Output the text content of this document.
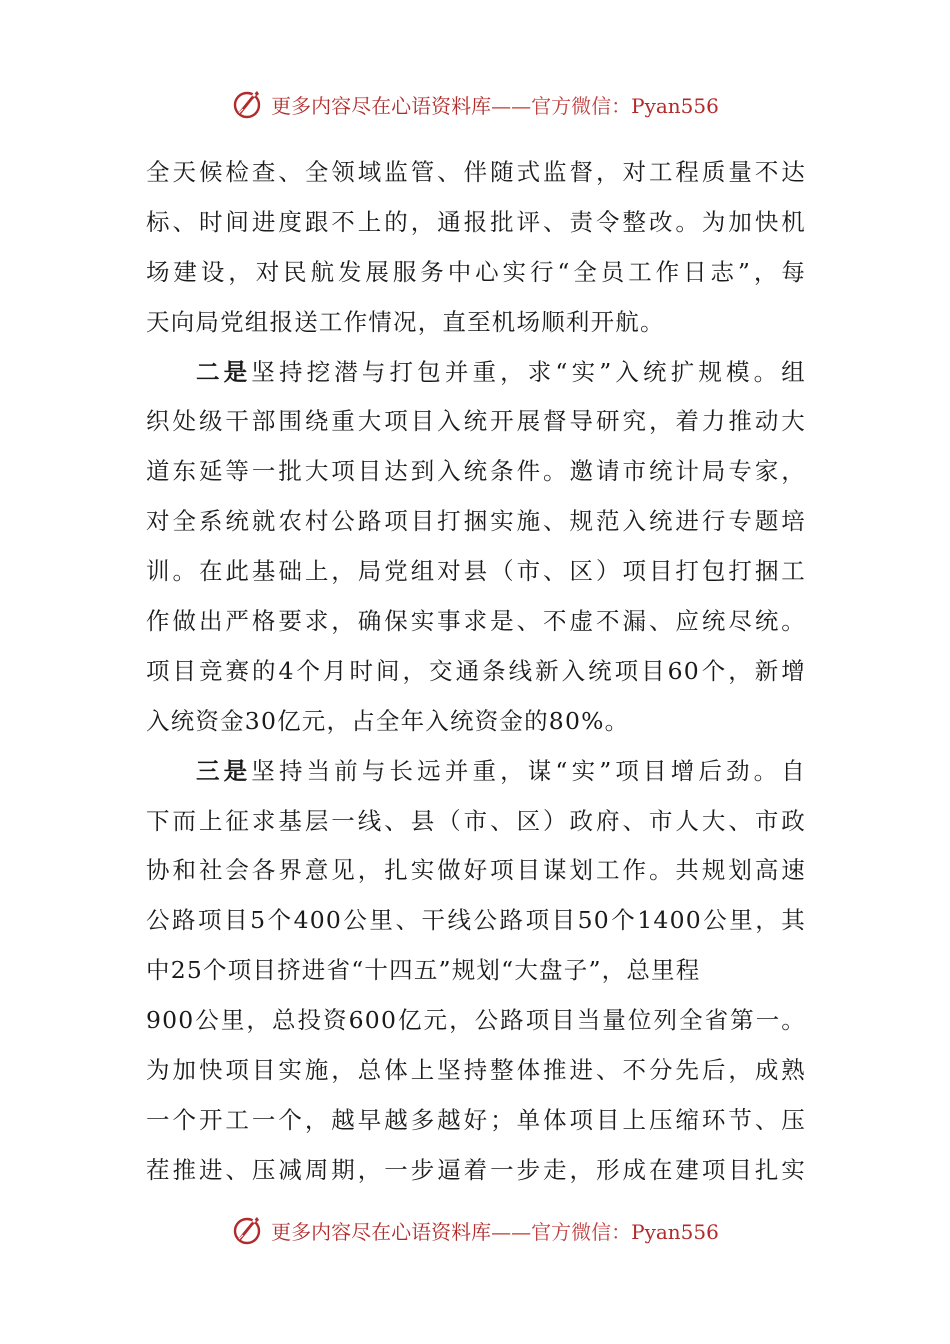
更多内容尽在心语资料库——官方微信：Pyan556
全天候检查、全领域监管、伴随式监督，对工程质量不达
标、时间进度跟不上的，通报批评、责令整改。为加快机
场建设，对民航发展服务中心实行“全员工作日志”，每
天向局党组报送工作情况，直至机场顺利开航。
二是坚持挖潜与打包并重，求“实”入统扩规模。组
织处级干部围绕重大项目入统开展督导研究，着力推动大
道东延等一批大项目达到入统条件。邀请市统计局专家，
对全系统就农村公路项目打捆实施、规范入统进行专题培
训。在此基础上，局党组对县（市、区）项目打包打捆工
作做出严格要求，确保实事求是、不虚不漏、应统尽统。
项目竞赛的4个月时间，交通条线新入统项目60个，新增
入统资金30亿元，占全年入统资金的80%。
三是坚持当前与长远并重，谋“实”项目增后劲。自
下而上征求基层一线、县（市、区）政府、市人大、市政
协和社会各界意见，扎实做好项目谋划工作。共规划高速
公路项目5个400公里、干线公路项目50个1400公里，其
中25个项目挤进省“十四五”规划“大盘子”，总里程
900公里，总投资600亿元，公路项目当量位列全省第一。
为加快项目实施，总体上坚持整体推进、不分先后，成熟
一个开工一个，越早越多越好；单体项目上压缩环节、压
茬推进、压减周期，一步逼着一步走，形成在建项目扎实
更多内容尽在心语资料库——官方微信：Pyan556
